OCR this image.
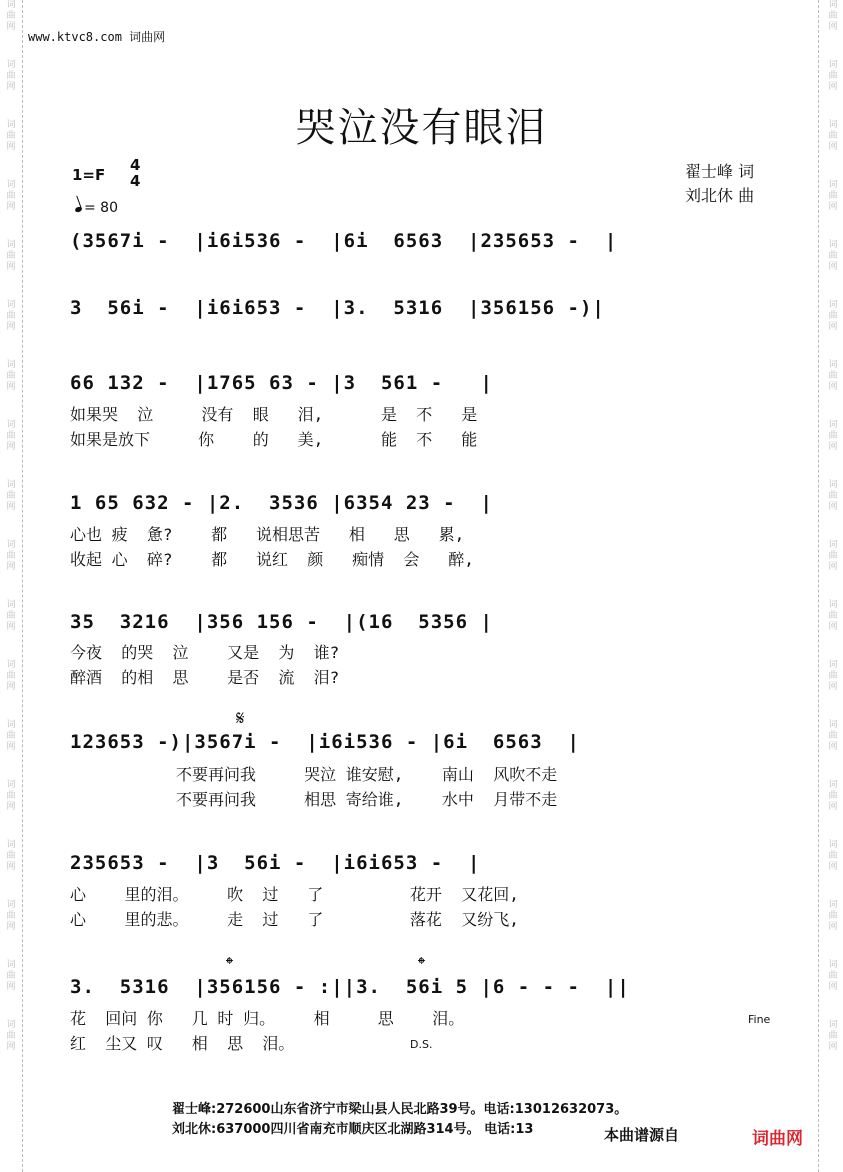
词
曲
网
词
曲
网
词
曲
网
词
曲
网
词
曲
网
词
曲
网
词
曲
网
词
曲
网
词
曲
网
词
曲
网
词
曲
网
词
曲
网
词
曲
网
词
曲
网
词
曲
网
词
曲
网
词
曲
网
词
曲
网
词
曲
网
词
曲
网
词
曲
网
词
曲
网
词
曲
网
词
曲
网
词
曲
网
词
曲
网
词
曲
网
词
曲
网
词
曲
网
词
曲
网
词
曲
网
词
曲
网
词
曲
网
词
曲
网
词
曲
网
词
曲
网
www.ktvc8.com 词曲网
哭泣没有眼泪
1=F
4
4
= 80
翟士峰 词
刘北休 曲
(3567i -  |i6i536 -  |6i  6563  |235653 -  |
3  56i -  |i6i653 -  |3.  5316  |356156 -)|
66 132 -  |1765 63 - |3  561 -   |
如果哭  泣     没有  眼   泪,      是  不   是
如果是放下     你    的   美,      能  不   能
1 65 632 - |2.  3536 |6354 23 -  |
心也 疲  惫?    都   说相思苦   相   思   累,
收起 心  碎?    都   说红  颜   痴情  会   醉,
35  3216  |356 156 -  |(16  5356 |
今夜  的哭  泣    又是  为  谁?
醉酒  的相  思    是否  流  泪?
𝄋
123653 -)|3567i -  |i6i536 - |6i  6563  |
不要再问我     哭泣 谁安慰,    南山  风吹不走
不要再问我     相思 寄给谁,    水中  月带不走
235653 -  |3  56i -  |i6i653 -  |
心    里的泪。    吹  过   了         花开  又花回,
心    里的悲。    走  过   了         落花  又纷飞,
𝄌	𝄌
3.  5316  |356156 - :||3.  56i 5 |6 - - -  ||
花  回问 你   几 时 归。    相     思    泪。
红  尘又 叹   相  思  泪。
Fine
D.S.
翟士峰:272600山东省济宁市梁山县人民北路39号。电话:13012632073。
刘北休:637000四川省南充市顺庆区北湖路314号。 电话:13	本曲谱源自	词曲网
